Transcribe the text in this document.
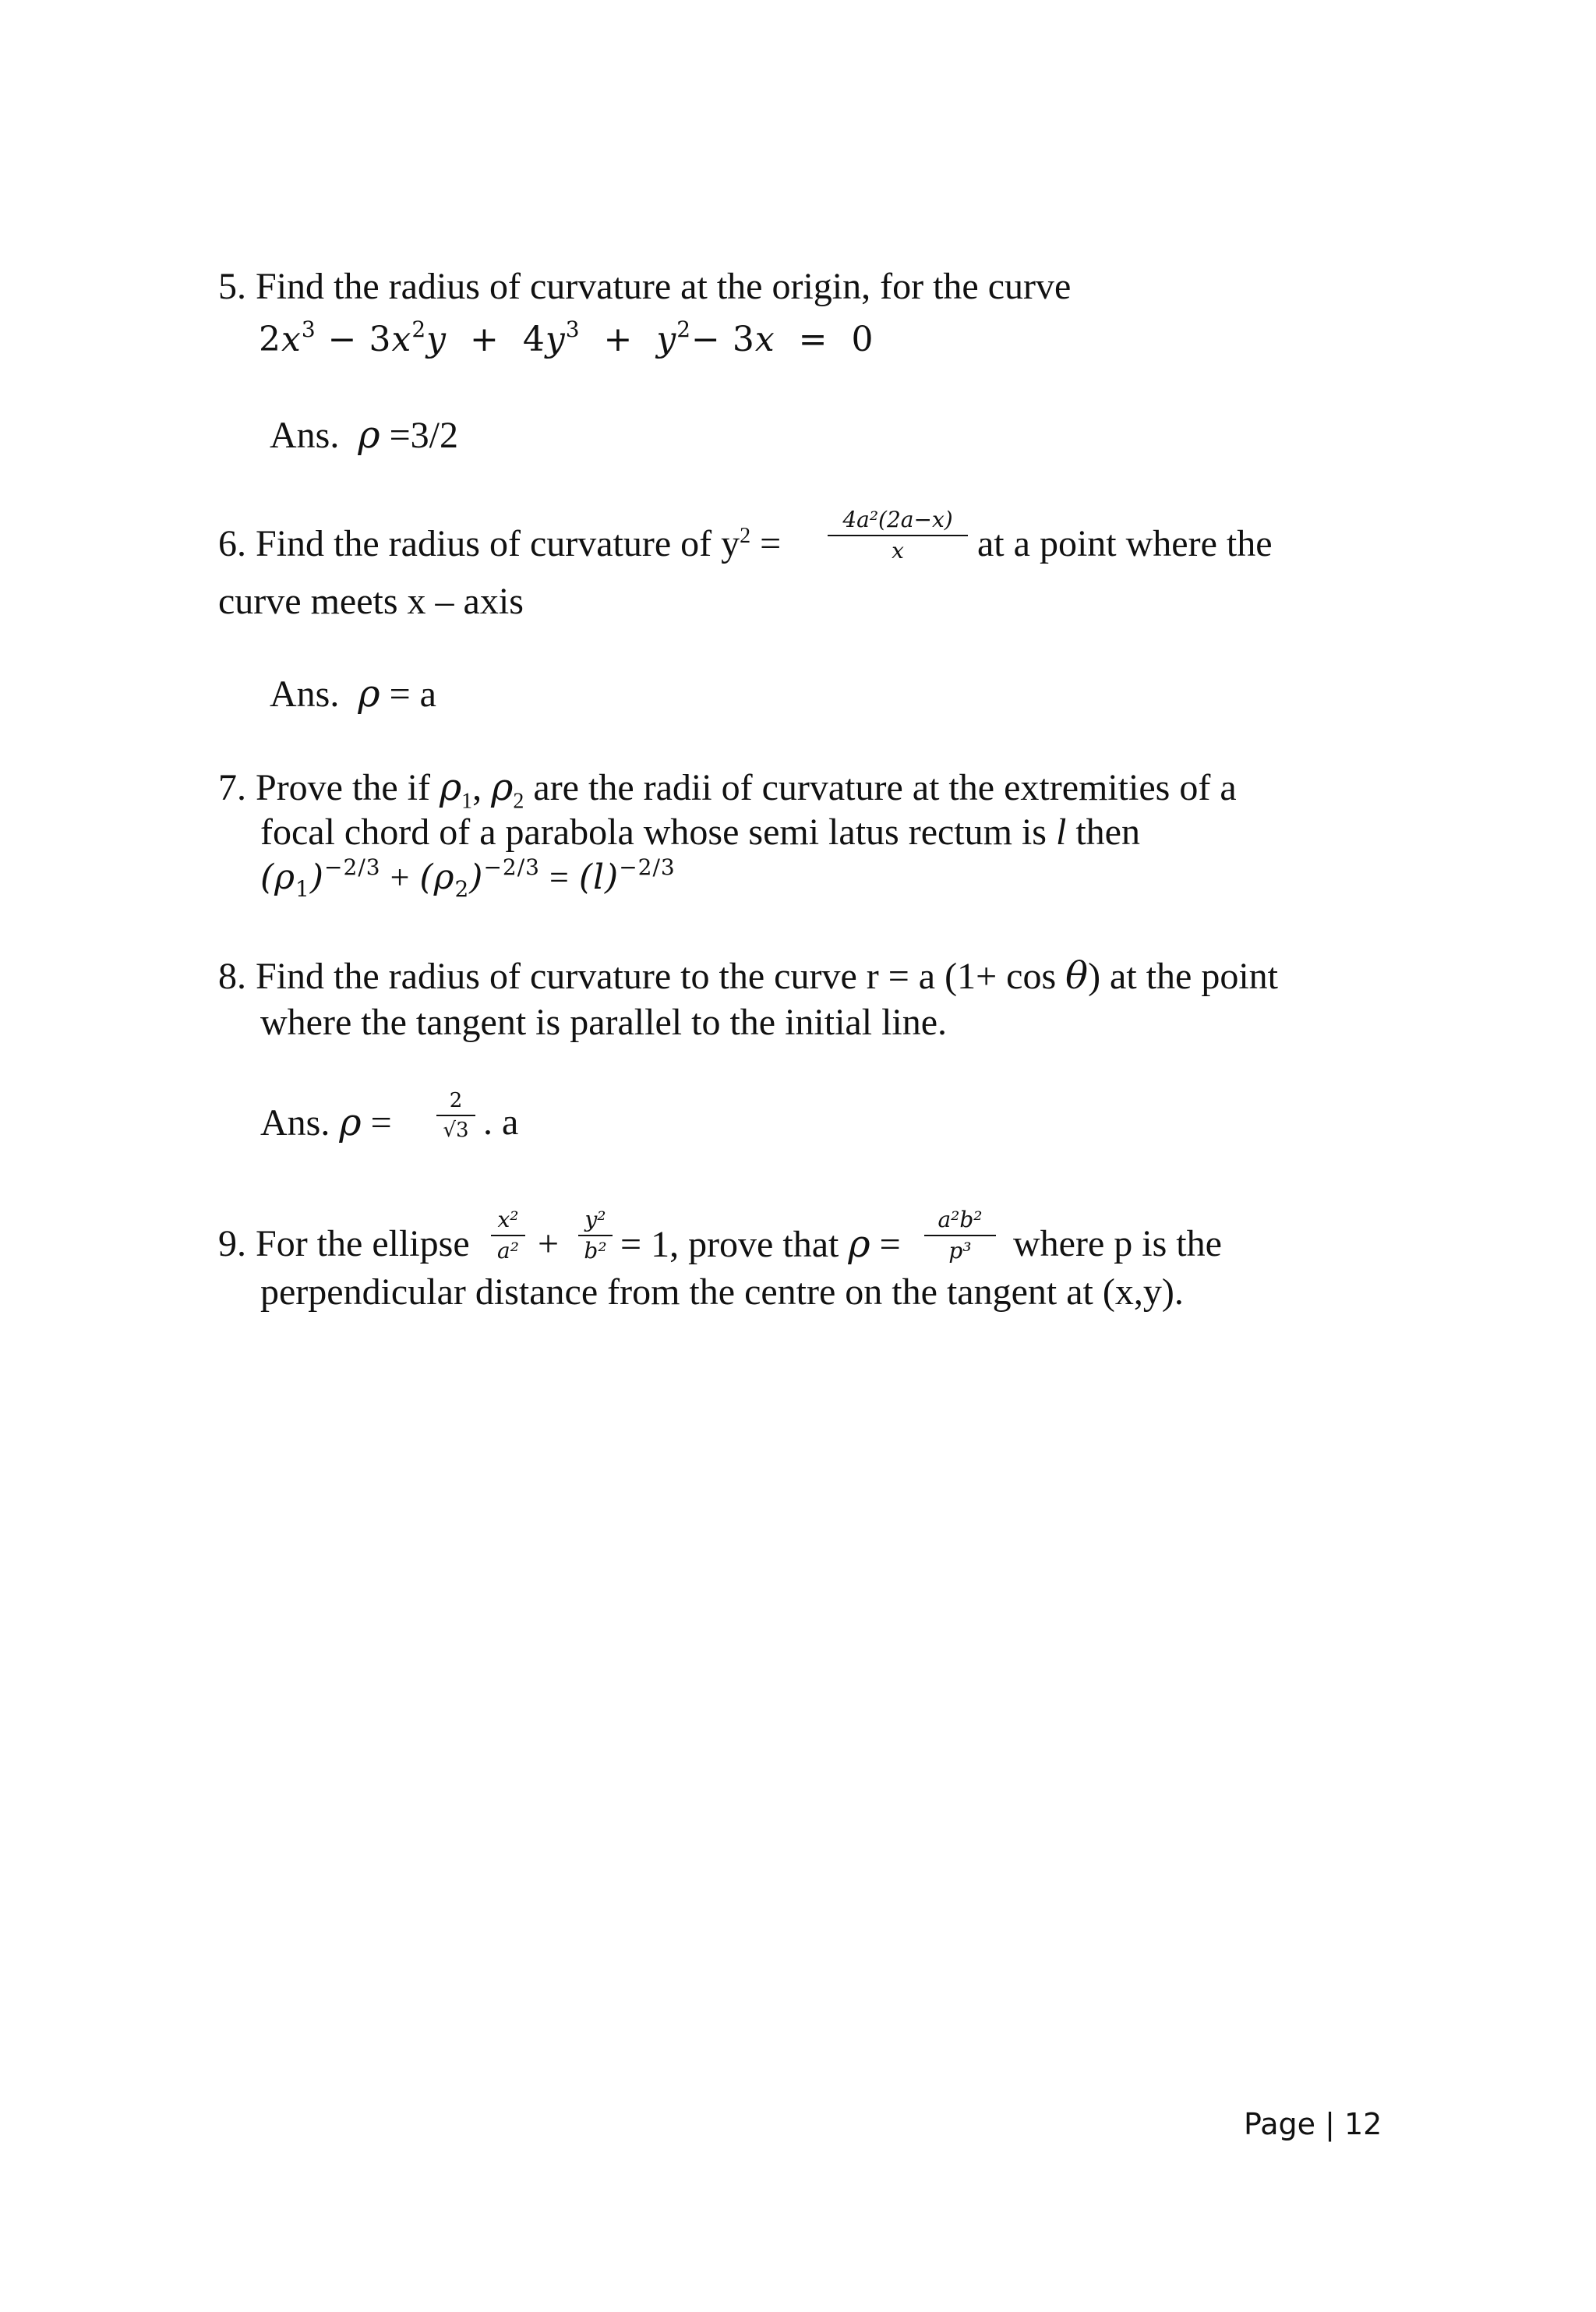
5. Find the radius of curvature at the origin, for the curve
$2x^3 - 3x^2y + 4y^3 + y^2- 3x = 0$
Ans. ρ =3/2
6. Find the radius of curvature of $y^2$ =
4a²(2a−x)
x	at a point where the
curve meets x – axis
Ans. ρ = a
7. Prove the if $\rho_1$, $\rho_2$ are the radii of curvature at the extremities of a
focal chord of a parabola whose semi latus rectum is l then
$(\rho_1)^{-2/3} + (\rho_2)^{-2/3} = (l)^{-2/3}$
8. Find the radius of curvature to the curve r = a (1+ cos θ) at the point
where the tangent is parallel to the initial line.
Ans. ρ =
2
√3 . a
9. For the ellipse
x²
a² +
y²
b² = 1, prove that ρ =
a²b²
p³	where p is the
perpendicular distance from the centre on the tangent at (x,y).
Page | 12
